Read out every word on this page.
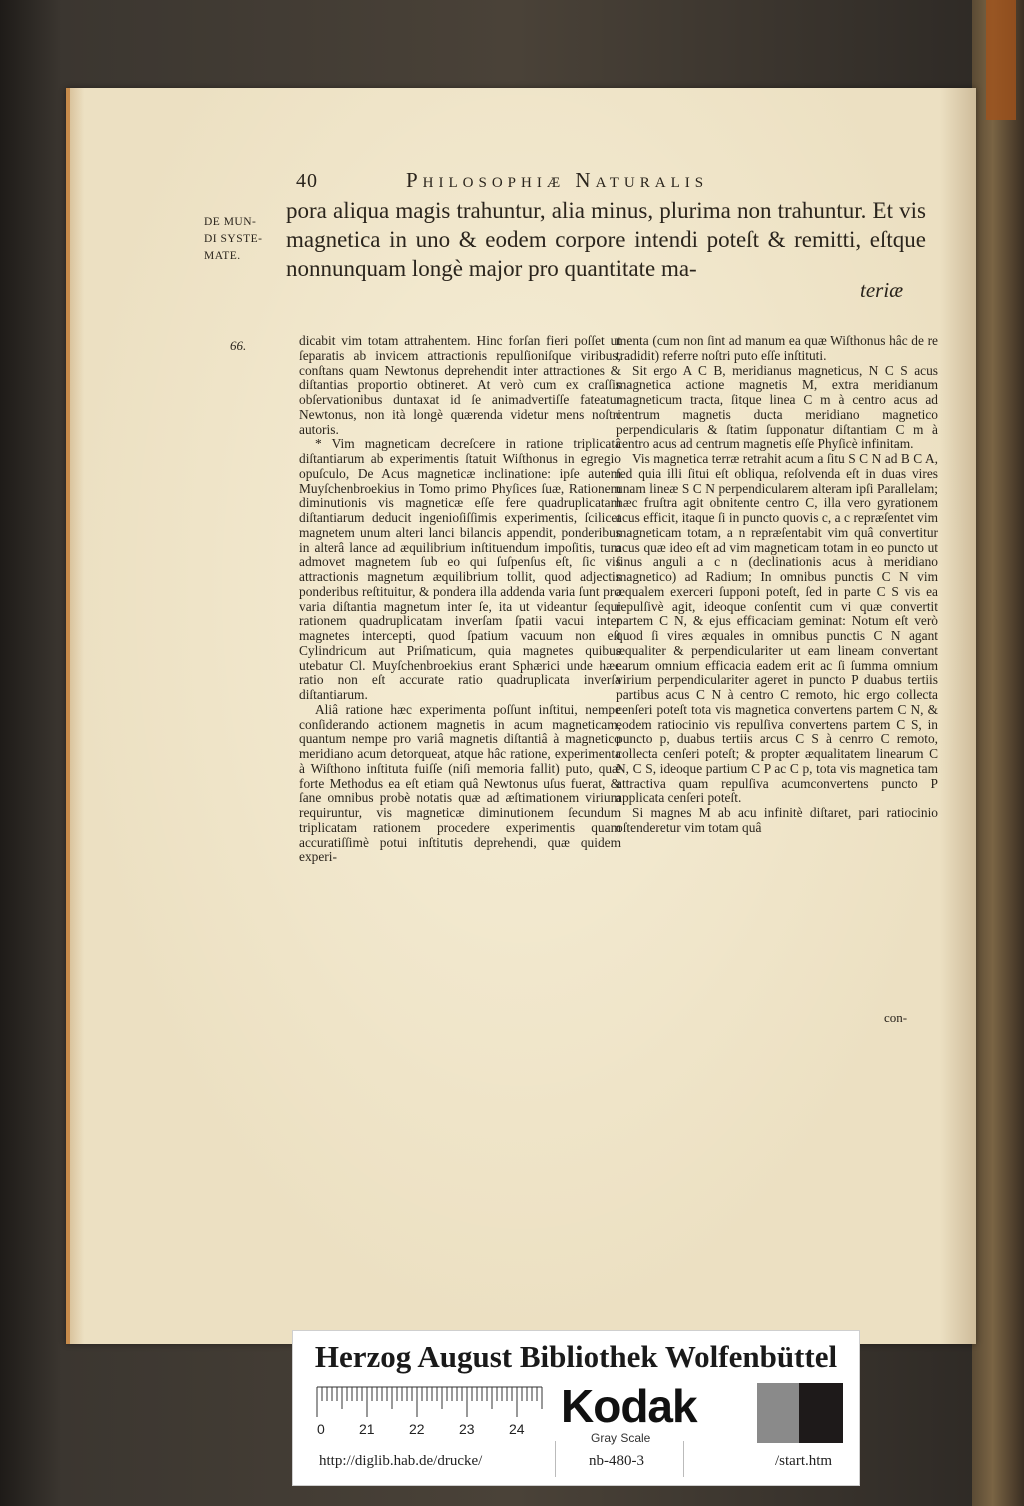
40	Philosophiæ Naturalis
DE MUN-
DI SYSTE-
MATE.
pora aliqua magis trahuntur, alia minus, plurima non trahuntur. Et vis magnetica in uno & eodem corpore intendi poteſt & remitti, eſtque nonnunquam longè major pro quantitate ma-
teriæ
66.	dicabit vim totam attrahentem. Hinc forſan fieri poſſet ut ſeparatis ab invicem attractionis repulſioniſque viribus, conſtans quam Newtonus deprehendit inter attractiones & diſtantias proportio obtineret. At verò cum ex craſſis obſervationibus duntaxat id ſe animadvertiſſe fateatur Newtonus, non ità longè quærenda videtur mens noſtri autoris.

* Vim magneticam decreſcere in ratione triplicatâ diſtantiarum ab experimentis ſtatuit Wiſthonus in egregio opuſculo, De Acus magneticæ inclinatione: ipſe autem Muyſchenbroekius in Tomo primo Phyſices ſuæ, Rationem diminutionis vis magneticæ eſſe fere quadruplicatam diſtantiarum deducit ingenioſiſſimis experimentis, ſcilicet magnetem unum alteri lanci bilancis appendit, ponderibus in alterâ lance ad æquilibrium inſtituendum impoſitis, tum admovet magnetem ſub eo qui ſuſpenſus eſt, ſic vis attractionis magnetum æquilibrium tollit, quod adjectis ponderibus reſtituitur, & pondera illa addenda varia ſunt pro varia diſtantia magnetum inter ſe, ita ut videantur ſequi rationem quadruplicatam inverſam ſpatii vacui inter magnetes intercepti, quod ſpatium vacuum non eſt Cylindricum aut Priſmaticum, quia magnetes quibus utebatur Cl. Muyſchenbroekius erant Sphærici unde hæc ratio non eſt accurate ratio quadruplicata inverſa diſtantiarum.

Aliâ ratione hæc experimenta poſſunt inſtitui, nempe conſiderando actionem magnetis in acum magneticam, quantum nempe pro variâ magnetis diſtantiâ à magnetico meridiano acum detorqueat, atque hâc ratione, experimenta à Wiſthono inſtituta fuiſſe (niſi memoria fallit) puto, quæ forte Methodus ea eſt etiam quâ Newtonus uſus fuerat, & ſane omnibus probè notatis quæ ad æſtimationem virium requiruntur, vis magneticæ diminutionem ſecundum triplicatam rationem procedere experimentis quam accuratiſſimè potui inſtitutis deprehendi, quæ quidem experi-

menta (cum non ſint ad manum ea quæ Wiſthonus hâc de re tradidit) referre noſtri puto eſſe inſtituti.

Sit ergo A C B, meridianus magneticus, N C S acus magnetica actione magnetis M, extra meridianum magneticum tracta, ſitque linea C m à centro acus ad centrum magnetis ducta meridiano magnetico perpendicularis & ſtatim ſupponatur diſtantiam C m à centro acus ad centrum magnetis eſſe Phyſicè infinitam.

Vis magnetica terræ retrahit acum a ſitu S C N ad B C A, ſed quia illi ſitui eſt obliqua, reſolvenda eſt in duas vires unam lineæ S C N perpendicularem alteram ipſi Parallelam; hæc fruſtra agit obnitente centro C, illa vero gyrationem acus efficit, itaque ſi in puncto quovis c, a c repræſentet vim magneticam totam, a n repræſentabit vim quâ convertitur acus quæ ideo eſt ad vim magneticam totam in eo puncto ut ſinus anguli a c n (declinationis acus à meridiano magnetico) ad Radium; In omnibus punctis C N vim æqualem exerceri ſupponi poteſt, ſed in parte C S vis ea repulſivè agit, ideoque conſentit cum vi quæ convertit partem C N, & ejus efficaciam geminat: Notum eſt verò quod ſi vires æquales in omnibus punctis C N agant æqualiter & perpendiculariter ut eam lineam convertant earum omnium efficacia eadem erit ac ſi ſumma omnium virium perpendiculariter ageret in puncto P duabus tertiis partibus acus C N à centro C remoto, hic ergo collecta cenſeri poteſt tota vis magnetica convertens partem C N, & eodem ratiocinio vis repulſiva convertens partem C S, in puncto p, duabus tertiis arcus C S à cenrro C remoto, collecta cenſeri poteſt; & propter æqualitatem linearum C N, C S, ideoque partium C P ac C p, tota vis magnetica tam attractiva quam repulſiva acumconvertens puncto P applicata cenſeri poteſt.

Si magnes M ab acu infinitè diſtaret, pari ratiocinio oſtenderetur vim totam quâ

con-
Herzog August Bibliothek Wolfenbüttel
0 21 22 23 24 Kodak
Gray Scale
http://diglib.hab.de/drucke/	nb-480-3	/start.htm
